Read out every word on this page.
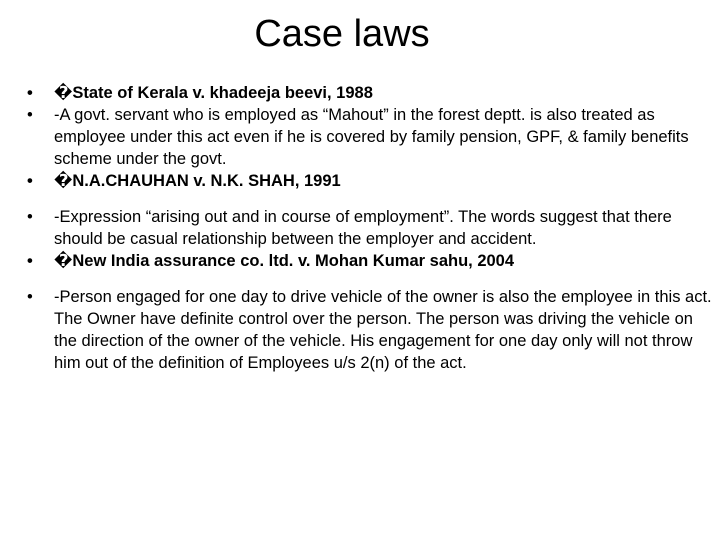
Case laws
• �State of Kerala v. khadeeja beevi, 1988
• -A govt. servant who is employed as “Mahout” in the forest deptt. is also treated as employee under this act even if he is covered by family pension, GPF, & family benefits scheme under the govt.
• �N.A.CHAUHAN v. N.K. SHAH, 1991
• -Expression “arising out and in course of employment”. The words suggest that there should be casual relationship between the employer and accident.
• �New India assurance co. ltd. v. Mohan Kumar sahu, 2004
• -Person engaged for one day to drive vehicle of the owner is also the employee in this act. The Owner have definite control over the person. The person was driving the vehicle on the direction of the owner of the vehicle. His engagement for one day only will not throw him out of the definition of Employees u/s 2(n) of the act.
